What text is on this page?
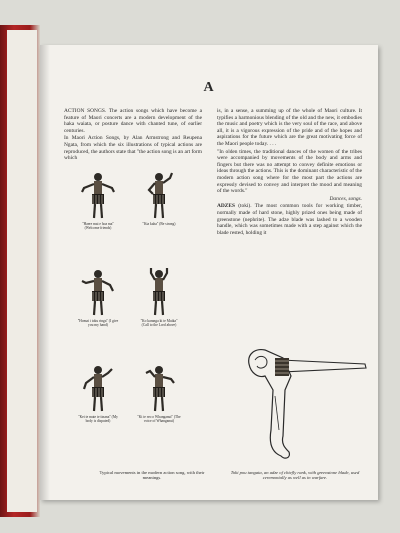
A

ACTION SONGS. The action songs which have become a feature of Maori concerts are a modern development of the haka waiata, or posture dance with chanted tune, of earlier centuries.

In Maori Action Songs, by Alan Armstrong and Reupena Ngata, from which the six illustrations of typical actions are reproduced, the authors state that "the action song is an art form which

"Haere mai e hoa ma" (Welcome friends)
"Kia kaha" (Be strong)
"Homai i toku ringa" (I give you my hand)
"Ko karanga ki te Maika" (Call to the Lord above)
"Kei te mate te tinana" (My body is disputed)
"Ki te reo o Whanganui" (The voice of Whanganui)
Typical movements in the modern action song, with their meanings.

is, in a sense, a summing up of the whole of Maori culture. It typifies a harmonious blending of the old and the new, it embodies the music and poetry which is the very soul of the race, and above all, it is a vigorous expression of the pride and of the hopes and aspirations for the future which are the great motivating force of the Maori people today. . . .

"In olden times, the traditional dances of the women of the tribes were accompanied by movements of the body and arms and fingers but there was no attempt to convey definite emotions or ideas through the actions. This is the dominant characteristic of the modern action song where for the most part the actions are expressly devised to convey and interpret the mood and meaning of the words."

Dances, songs.

ADZES (toki). The most common tools for working timber, normally made of hard stone, highly prized ones being made of greenstone (nephrite). The adze blade was lashed to a wooden handle, which was sometimes made with a step against which the blade rested, holding it

Toki pou tangata, an adze of chiefly rank, with greenstone blade, used ceremonially as well as in warfare.
